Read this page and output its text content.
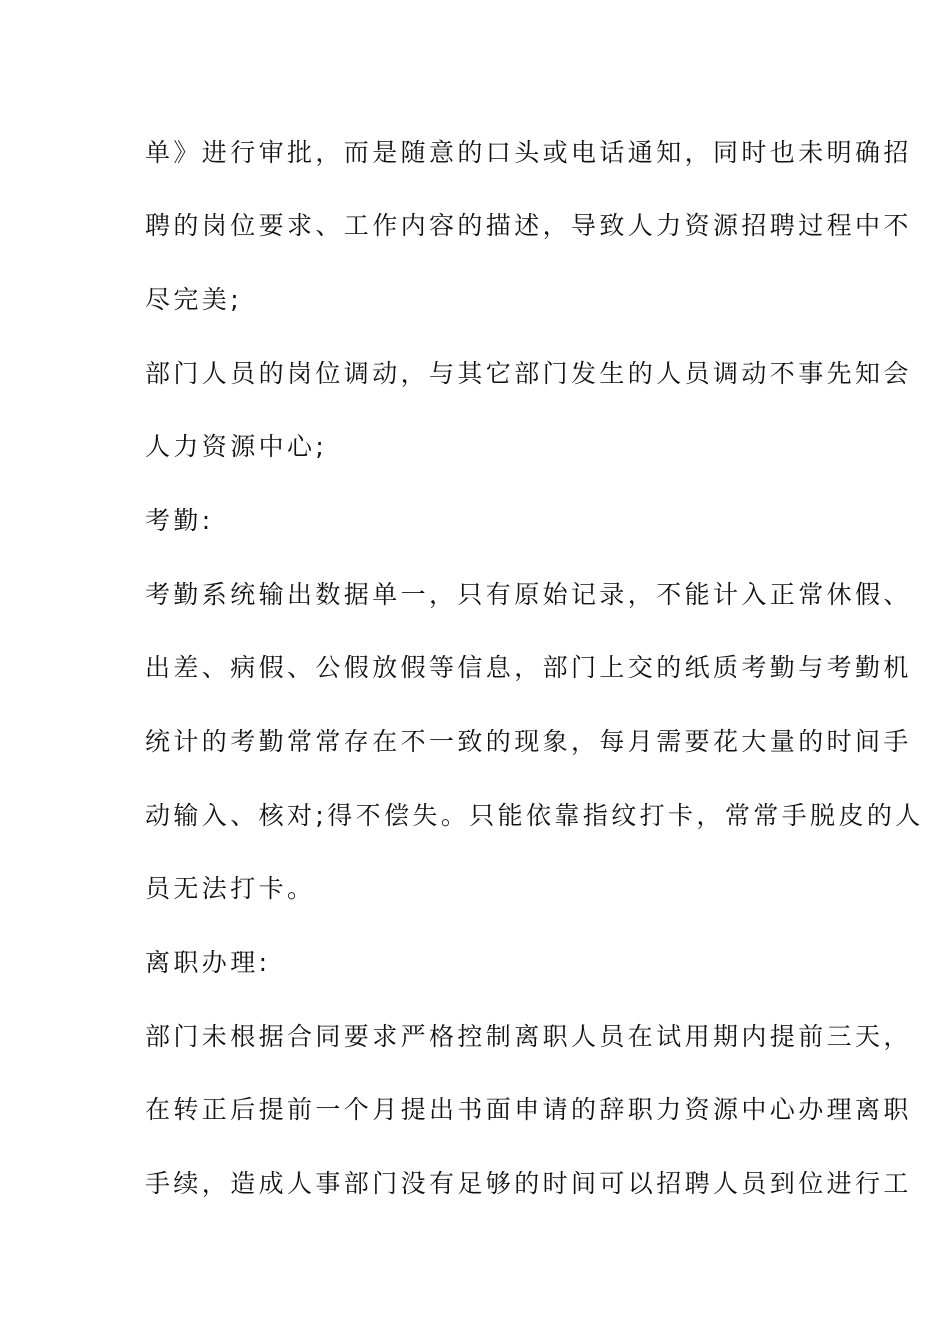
单》进行审批，而是随意的口头或电话通知，同时也未明确招
聘的岗位要求、工作内容的描述，导致人力资源招聘过程中不
尽完美;
部门人员的岗位调动，与其它部门发生的人员调动不事先知会
人力资源中心;
考勤:
考勤系统输出数据单一，只有原始记录，不能计入正常休假、
出差、病假、公假放假等信息，部门上交的纸质考勤与考勤机
统计的考勤常常存在不一致的现象，每月需要花大量的时间手
动输入、核对;得不偿失。只能依靠指纹打卡，常常手脱皮的人
员无法打卡。
离职办理:
部门未根据合同要求严格控制离职人员在试用期内提前三天，
在转正后提前一个月提出书面申请的辞职力资源中心办理离职
手续，造成人事部门没有足够的时间可以招聘人员到位进行工
